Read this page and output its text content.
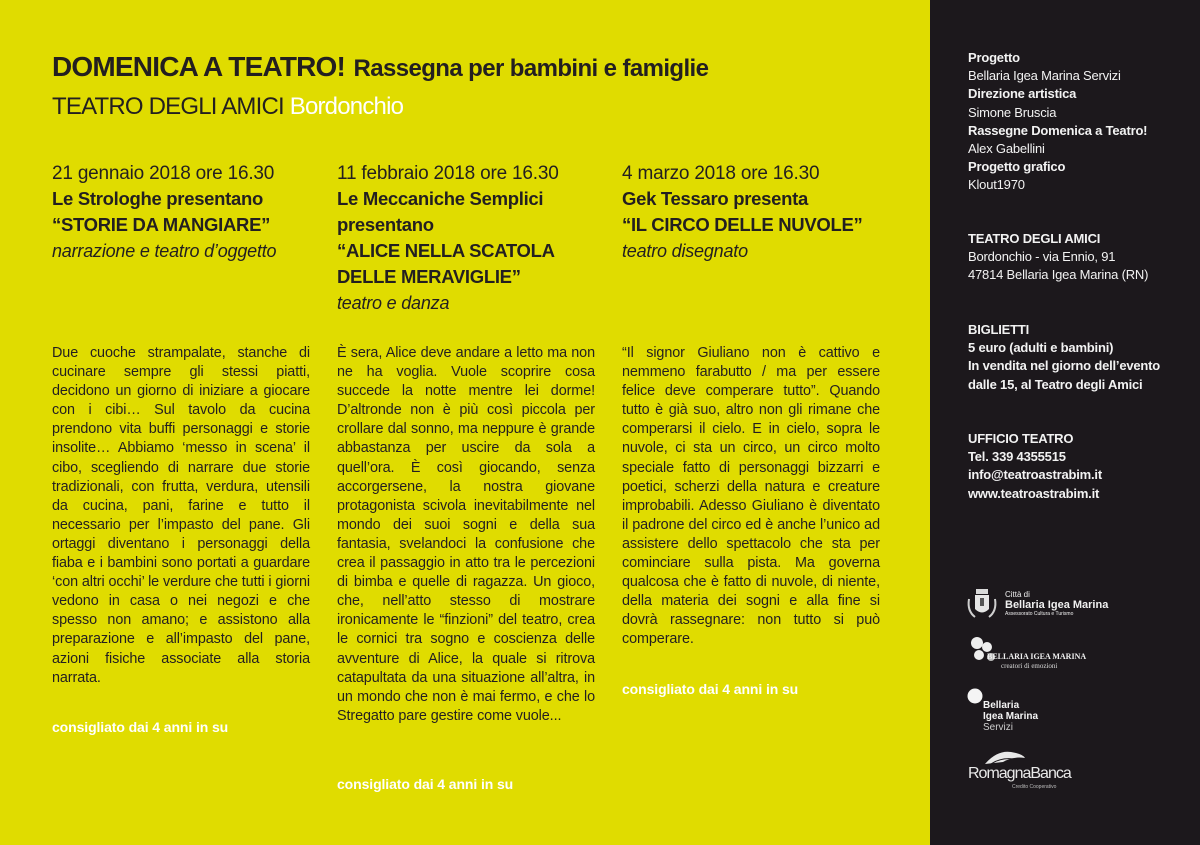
DOMENICA A TEATRO! Rassegna per bambini e famiglie
TEATRO DEGLI AMICI Bordonchio
21 gennaio 2018 ore 16.30
Le Strologhe presentano
“STORIE DA MANGIARE”
narrazione e teatro d’oggetto
Due cuoche strampalate, stanche di cucinare sempre gli stessi piatti, decidono un giorno di iniziare a giocare con i cibi… Sul tavolo da cucina prendono vita buffi personaggi e storie insolite… Abbiamo ‘messo in scena’ il cibo, scegliendo di narrare due storie tradizionali, con frutta, verdura, utensili da cucina, pani, farine e tutto il necessario per l’impasto del pane. Gli ortaggi diventano i personaggi della fiaba e i bambini sono portati a guardare ‘con altri occhi’ le verdure che tutti i giorni vedono in casa o nei negozi e che spesso non amano; e assistono alla preparazione e all’impasto del pane, azioni fisiche associate alla storia narrata.
consigliato dai 4 anni in su
11 febbraio 2018 ore 16.30
Le Meccaniche Semplici presentano
“ALICE NELLA SCATOLA
DELLE MERAVIGLIE”
teatro e danza
È sera, Alice deve andare a letto ma non ne ha voglia. Vuole scoprire cosa succede la notte mentre lei dorme! D’altronde non è più così piccola per crollare dal sonno, ma neppure è grande abbastanza per uscire da sola a quell’ora. È così giocando, senza accorgersene, la nostra giovane protagonista scivola inevitabilmente nel mondo dei suoi sogni e della sua fantasia, svelandoci la confusione che crea il passaggio in atto tra le percezioni di bimba e quelle di ragazza. Un gioco, che, nell’atto stesso di mostrare ironicamente le “finzioni” del teatro, crea le cornici tra sogno e coscienza delle avventure di Alice, la quale si ritrova catapultata da una situazione all’altra, in un mondo che non è mai fermo, e che lo Stregatto pare gestire come vuole...
consigliato dai 4 anni in su
4 marzo 2018 ore 16.30
Gek Tessaro presenta
“IL CIRCO DELLE NUVOLE”
teatro disegnato
“Il signor Giuliano non è cattivo e nemmeno farabutto / ma per essere felice deve comperare tutto”. Quando tutto è già suo, altro non gli rimane che comperarsi il cielo. E in cielo, sopra le nuvole, ci sta un circo, un circo molto speciale fatto di personaggi bizzarri e poetici, scherzi della natura e creature improbabili. Adesso Giuliano è diventato il padrone del circo ed è anche l’unico ad assistere dello spettacolo che sta per cominciare sulla pista. Ma governa qualcosa che è fatto di nuvole, di niente, della materia dei sogni e alla fine si dovrà rassegnare: non tutto si può comperare.
consigliato dai 4 anni in su
Progetto
Bellaria Igea Marina Servizi
Direzione artistica
Simone Bruscia
Rassegne Domenica a Teatro!
Alex Gabellini
Progetto grafico
Klout1970
TEATRO DEGLI AMICI
Bordonchio - via Ennio, 91
47814 Bellaria Igea Marina (RN)
BIGLIETTI
5 euro (adulti e bambini)
In vendita nel giorno dell’evento
dalle 15, al Teatro degli Amici
UFFICIO TEATRO
Tel. 339 4355515
info@teatroastrabim.it
www.teatroastrabim.it
Città di
Bellaria Igea Marina
Assessorato Cultura e Turismo
BELLARIA IGEA MARINA
creatori di emozioni
Bellaria
Igea Marina
Servizi
RomagnaBanca
Credito Cooperativo
